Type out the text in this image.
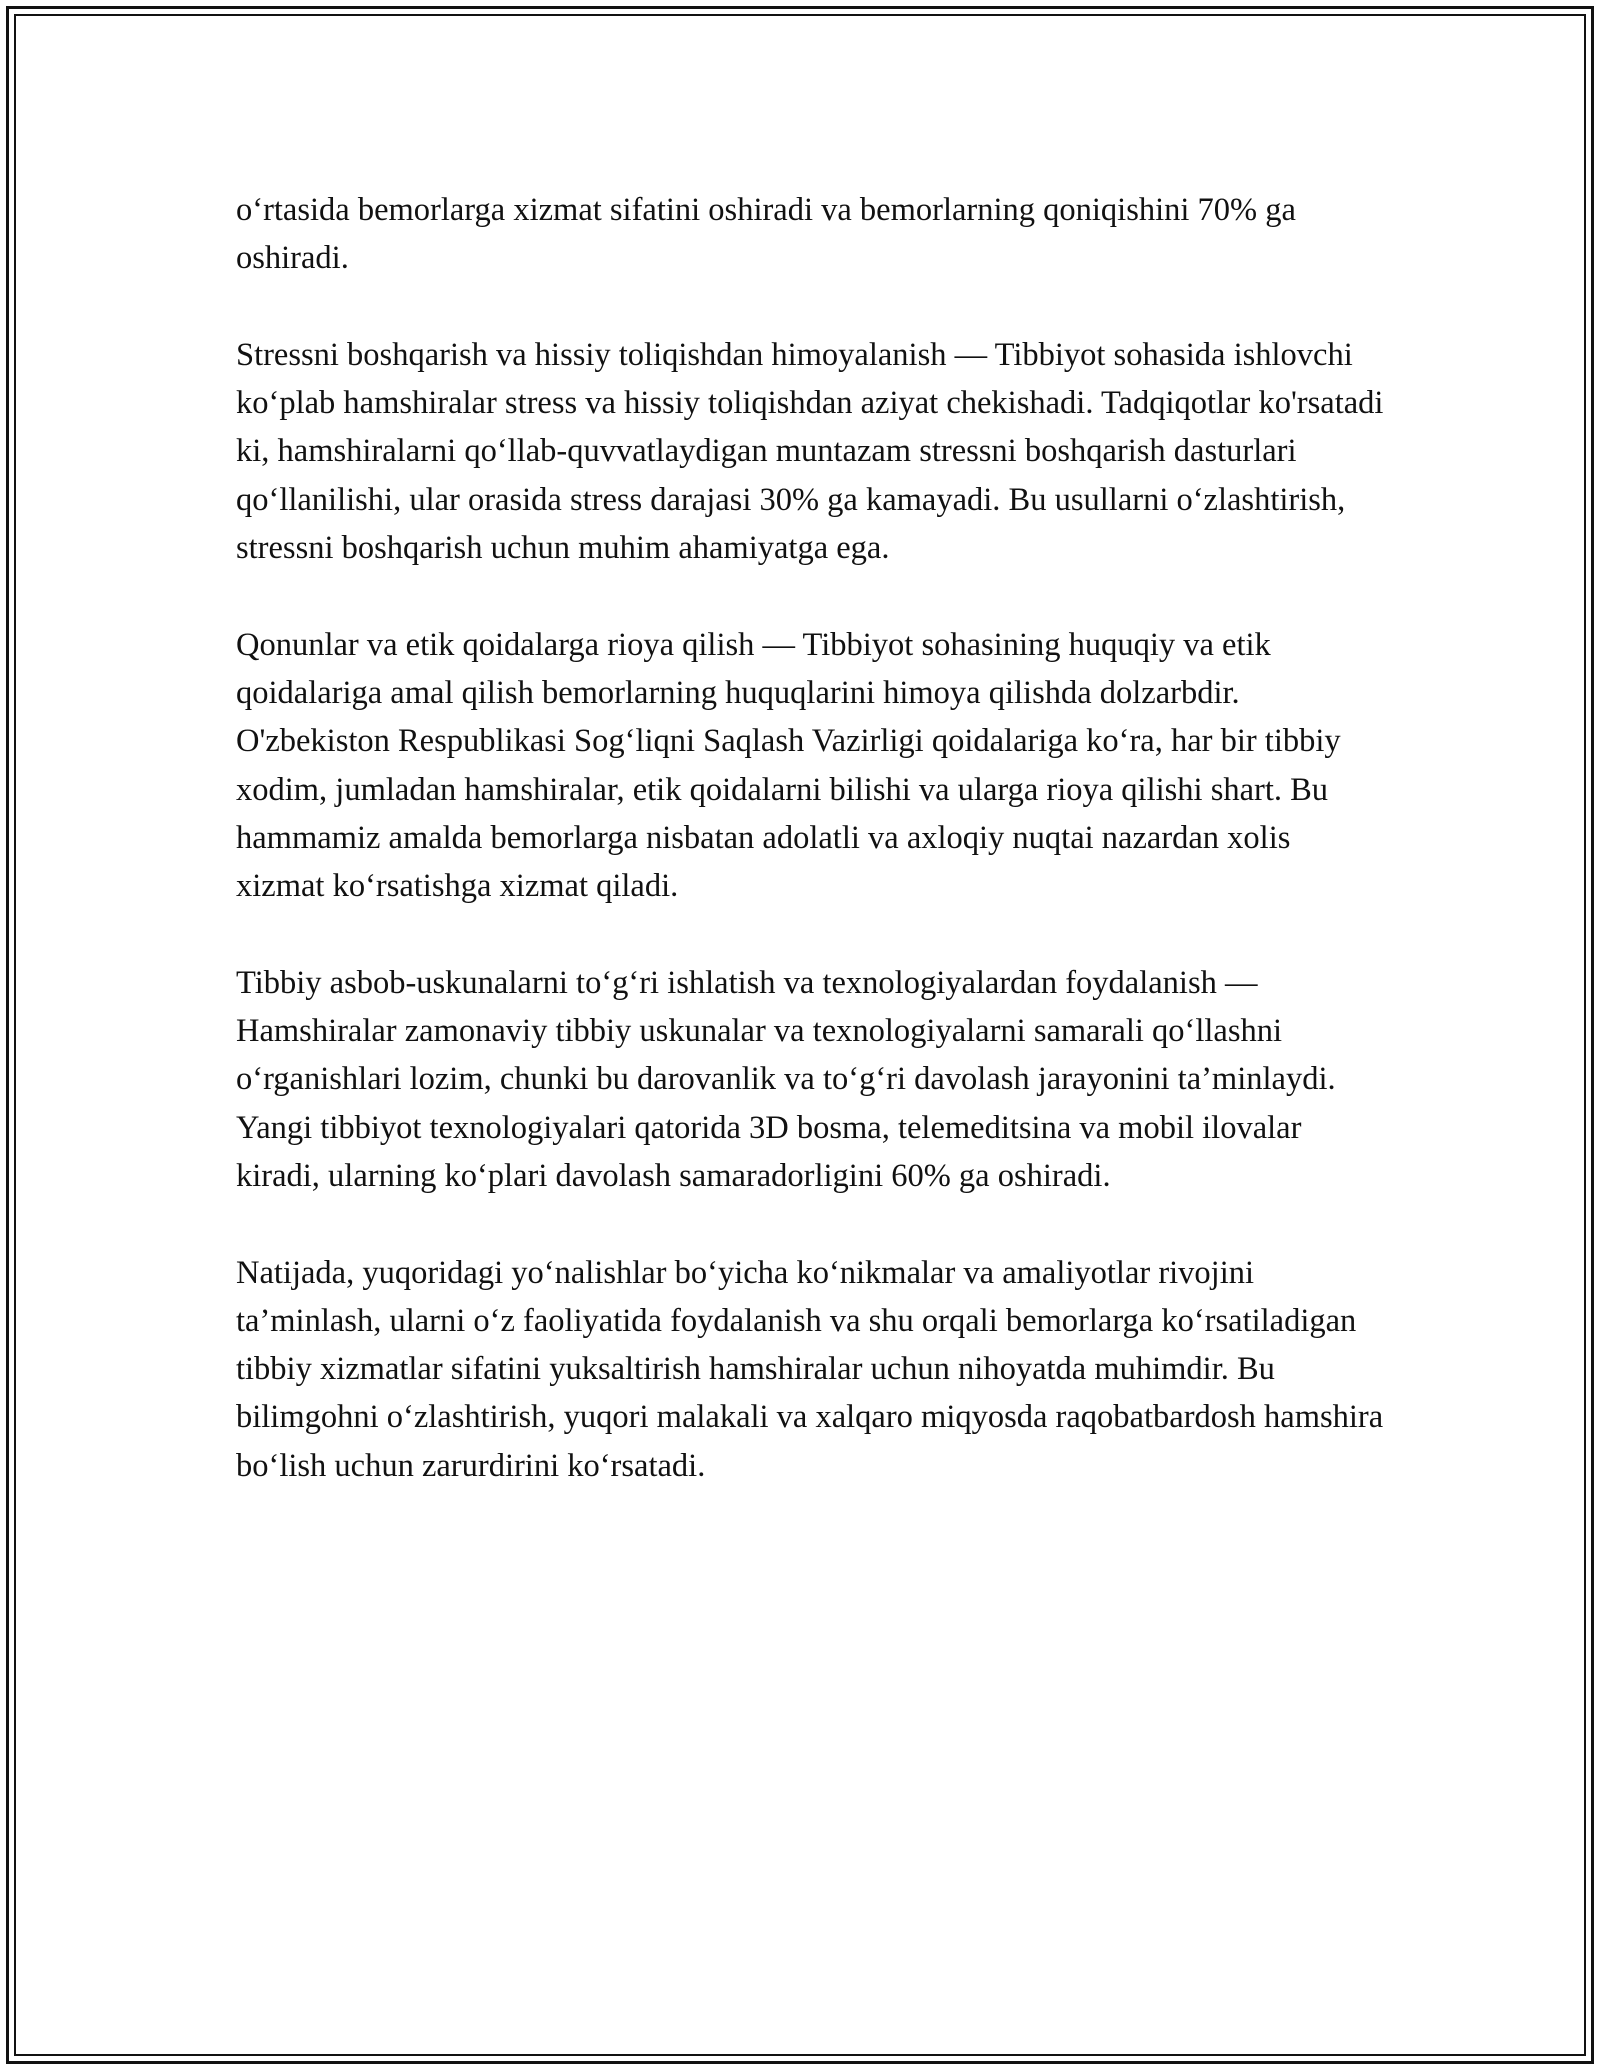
o‘rtasida bemorlarga xizmat sifatini oshiradi va bemorlarning qoniqishini 70% ga oshiradi.

Stressni boshqarish va hissiy toliqishdan himoyalanish — Tibbiyot sohasida ishlovchi ko‘plab hamshiralar stress va hissiy toliqishdan aziyat chekishadi. Tadqiqotlar ko'rsatadi ki, hamshiralarni qo‘llab-quvvatlaydigan muntazam stressni boshqarish dasturlari qo‘llanilishi, ular orasida stress darajasi 30% ga kamayadi. Bu usullarni o‘zlashtirish, stressni boshqarish uchun muhim ahamiyatga ega.

Qonunlar va etik qoidalarga rioya qilish — Tibbiyot sohasining huquqiy va etik qoidalariga amal qilish bemorlarning huquqlarini himoya qilishda dolzarbdir. O'zbekiston Respublikasi Sog‘liqni Saqlash Vazirligi qoidalariga ko‘ra, har bir tibbiy xodim, jumladan hamshiralar, etik qoidalarni bilishi va ularga rioya qilishi shart. Bu hammamiz amalda bemorlarga nisbatan adolatli va axloqiy nuqtai nazardan xolis xizmat ko‘rsatishga xizmat qiladi.

Tibbiy asbob-uskunalarni to‘g‘ri ishlatish va texnologiyalardan foydalanish — Hamshiralar zamonaviy tibbiy uskunalar va texnologiyalarni samarali qo‘llashni o‘rganishlari lozim, chunki bu darovanlik va to‘g‘ri davolash jarayonini ta’minlaydi. Yangi tibbiyot texnologiyalari qatorida 3D bosma, telemeditsina va mobil ilovalar kiradi, ularning ko‘plari davolash samaradorligini 60% ga oshiradi.

Natijada, yuqoridagi yo‘nalishlar bo‘yicha ko‘nikmalar va amaliyotlar rivojini ta’minlash, ularni o‘z faoliyatida foydalanish va shu orqali bemorlarga ko‘rsatiladigan tibbiy xizmatlar sifatini yuksaltirish hamshiralar uchun nihoyatda muhimdir. Bu bilimgohni o‘zlashtirish, yuqori malakali va xalqaro miqyosda raqobatbardosh hamshira bo‘lish uchun zarurdirini ko‘rsatadi.
